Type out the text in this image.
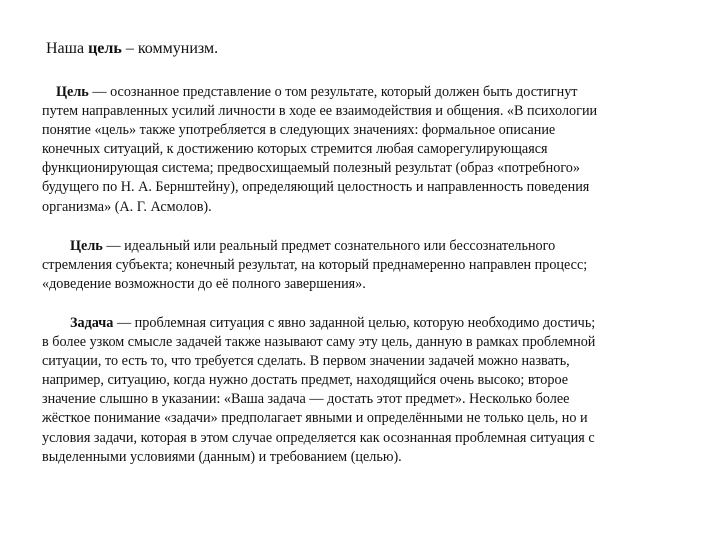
Наша цель – коммунизм.
Цель — осознанное представление о том результате, который должен быть достигнут
путем направленных усилий личности в ходе ее взаимодействия и общения. «В психологии
понятие «цель» также употребляется в следующих значениях: формальное описание
конечных ситуаций, к достижению которых стремится любая саморегулирующаяся
функционирующая система; предвосхищаемый полезный результат (образ «потребного»
будущего по Н. А. Бернштейну), определяющий целостность и направленность поведения
организма» (А. Г. Асмолов).
Цель — идеальный или реальный предмет сознательного или бессознательного
стремления субъекта; конечный результат, на который преднамеренно направлен процесс;
«доведение возможности до её полного завершения».
Задача — проблемная ситуация с явно заданной целью, которую необходимо достичь;
в более узком смысле задачей также называют саму эту цель, данную в рамках проблемной
ситуации, то есть то, что требуется сделать. В первом значении задачей можно назвать,
например, ситуацию, когда нужно достать предмет, находящийся очень высоко; второе
значение слышно в указании: «Ваша задача — достать этот предмет». Несколько более
жёсткое понимание «задачи» предполагает явными и определёнными не только цель, но и
условия задачи, которая в этом случае определяется как осознанная проблемная ситуация с
выделенными условиями (данным) и требованием (целью).
